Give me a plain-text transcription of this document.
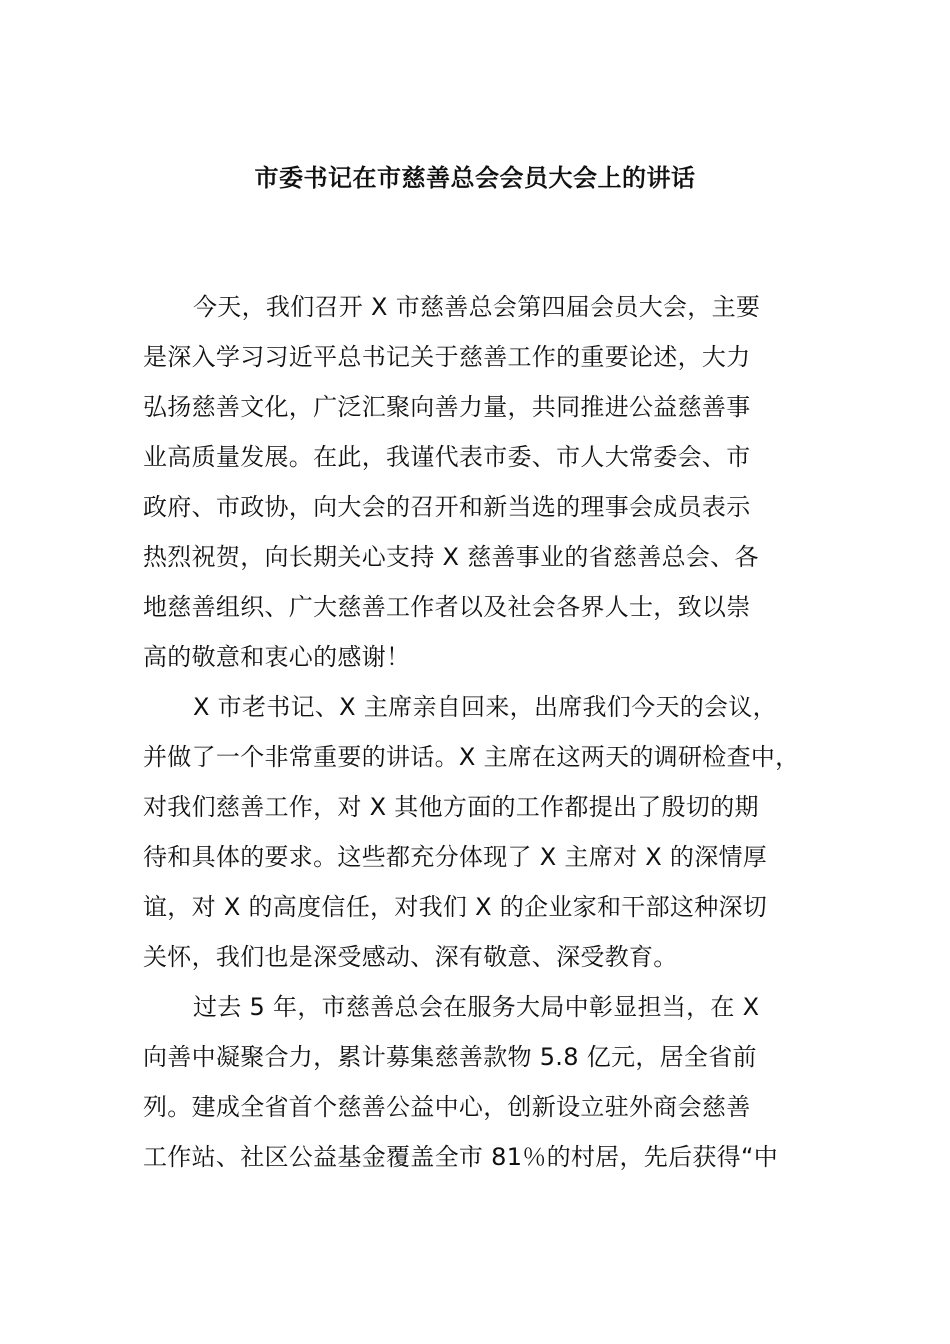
市委书记在市慈善总会会员大会上的讲话
今天，我们召开 X 市慈善总会第四届会员大会，主要
是深入学习习近平总书记关于慈善工作的重要论述，大力
弘扬慈善文化，广泛汇聚向善力量，共同推进公益慈善事
业高质量发展。在此，我谨代表市委、市人大常委会、市
政府、市政协，向大会的召开和新当选的理事会成员表示
热烈祝贺，向长期关心支持 X 慈善事业的省慈善总会、各
地慈善组织、广大慈善工作者以及社会各界人士，致以崇
高的敬意和衷心的感谢！
X 市老书记、X 主席亲自回来，出席我们今天的会议，
并做了一个非常重要的讲话。X 主席在这两天的调研检查中，
对我们慈善工作，对 X 其他方面的工作都提出了殷切的期
待和具体的要求。这些都充分体现了 X 主席对 X 的深情厚
谊，对 X 的高度信任，对我们 X 的企业家和干部这种深切
关怀，我们也是深受感动、深有敬意、深受教育。
过去 5 年，市慈善总会在服务大局中彰显担当，在 X
向善中凝聚合力，累计募集慈善款物 5.8 亿元，居全省前
列。建成全省首个慈善公益中心，创新设立驻外商会慈善
工作站、社区公益基金覆盖全市 81％的村居，先后获得“中
